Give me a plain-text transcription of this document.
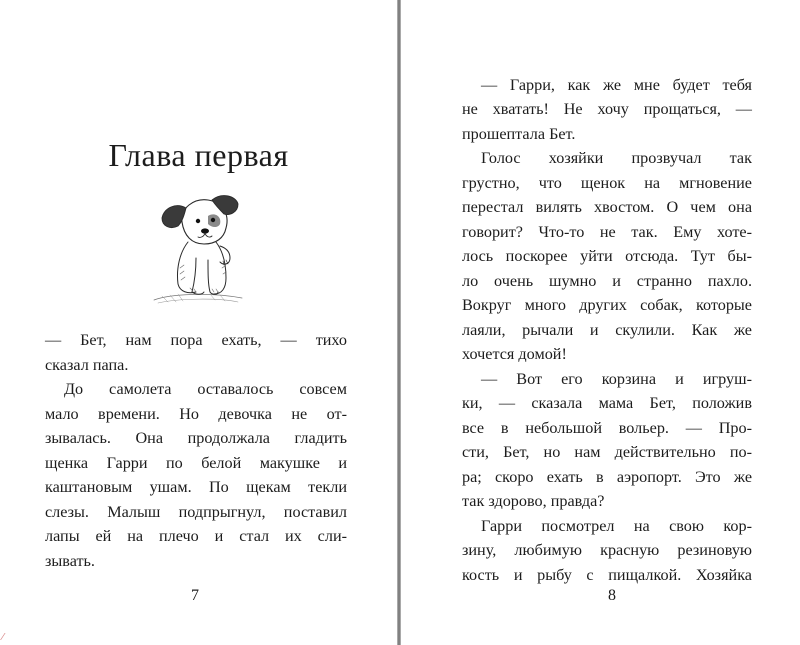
Глава первая

— Бет, нам пора ехать, — тихо

сказал папа.

До самолета оставалось совсем

мало времени. Но девочка не от-

зывалась. Она продолжала гладить

щенка Гарри по белой макушке и

каштановым ушам. По щекам текли

слезы. Малыш подпрыгнул, поставил

лапы ей на плечо и стал их сли-

зывать.

7
⁄

— Гарри, как же мне будет тебя

не хватать! Не хочу прощаться, —

прошептала Бет.

Голос хозяйки прозвучал так

грустно, что щенок на мгновение

перестал вилять хвостом. О чем она

говорит? Что-то не так. Ему хоте-

лось поскорее уйти отсюда. Тут бы-

ло очень шумно и странно пахло.

Вокруг много других собак, которые

лаяли, рычали и скулили. Как же

хочется домой!

— Вот его корзина и игруш-

ки, — сказала мама Бет, положив

все в небольшой вольер. — Про-

сти, Бет, но нам действительно по-

ра; скоро ехать в аэропорт. Это же

так здорово, правда?

Гарри посмотрел на свою кор-

зину, любимую красную резиновую

кость и рыбу с пищалкой. Хозяйка

8
